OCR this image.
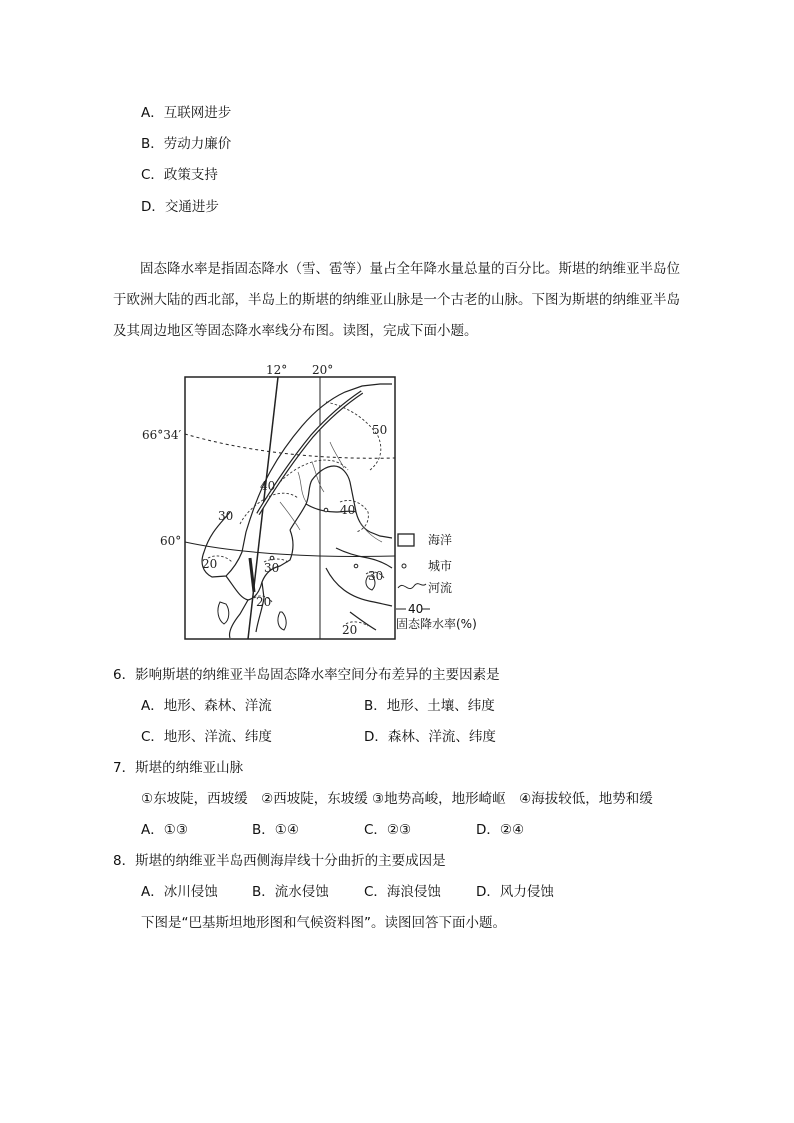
A．互联网进步
B．劳动力廉价
C．政策支持
D．交通进步
固态降水率是指固态降水（雪、雹等）量占全年降水量总量的百分比。斯堪的纳维亚半岛位于欧洲大陆的西北部，半岛上的斯堪的纳维亚山脉是一个古老的山脉。下图为斯堪的纳维亚半岛及其周边地区等固态降水率线分布图。读图，完成下面小题。
12° 20°
66°34′
60°
50
40
30	40
30
20
30
20
20
海洋
城市
河流
40
固态降水率(%)
6．影响斯堪的纳维亚半岛固态降水率空间分布差异的主要因素是
A．地形、森林、洋流	B．地形、土壤、纬度
C．地形、洋流、纬度	D．森林、洋流、纬度
7．斯堪的纳维亚山脉
①东坡陡，西坡缓　②西坡陡，东坡缓 ③地势高峻，地形崎岖　④海拔较低，地势和缓
A．①③	B．①④	C．②③	D．②④
8．斯堪的纳维亚半岛西侧海岸线十分曲折的主要成因是
A．冰川侵蚀	B．流水侵蚀	C．海浪侵蚀	D．风力侵蚀
下图是“巴基斯坦地形图和气候资料图”。读图回答下面小题。
